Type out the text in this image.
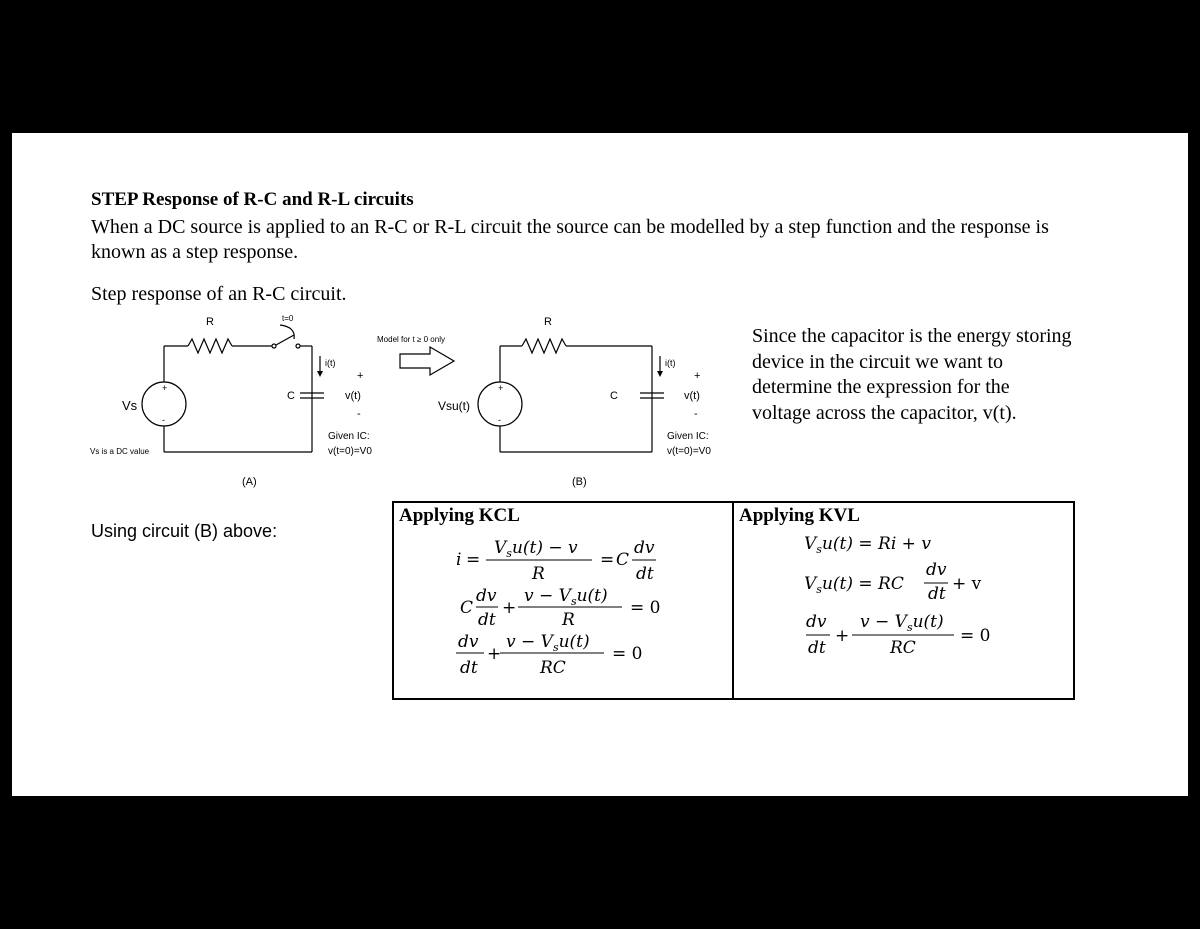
STEP Response of R-C and R-L circuits
When a DC source is applied to an R-C or R-L circuit the source can be modelled by a step function and the response is known as a step response.
Step response of an R-C circuit.
R	t=0
C
i(t)
+
v(t)
-
Vs
+
-
Vs is a DC value
Given IC:
v(t=0)=V0
(A)
Model for t ≥ 0 only
R
C
i(t)
+
v(t)
-
Vsu(t)
+
-
Given IC:
v(t=0)=V0
(B)
Since the capacitor is the energy storing device in the circuit we want to determine the expression for the voltage across the capacitor, v(t).
Using circuit (B) above:
Applying KCL
i =
$V_su(t) - v$
R
= C
dv
dt
C
dv
dt
+
$v - V_su(t)$
R
= 0
dv
dt
+
$v - V_su(t)$
RC
= 0
Applying KVL
$V_su(t) = Ri + v$
$V_su(t)$ = RC
dv
dt + v
dv
dt
+
$v - V_su(t)$
RC
= 0
